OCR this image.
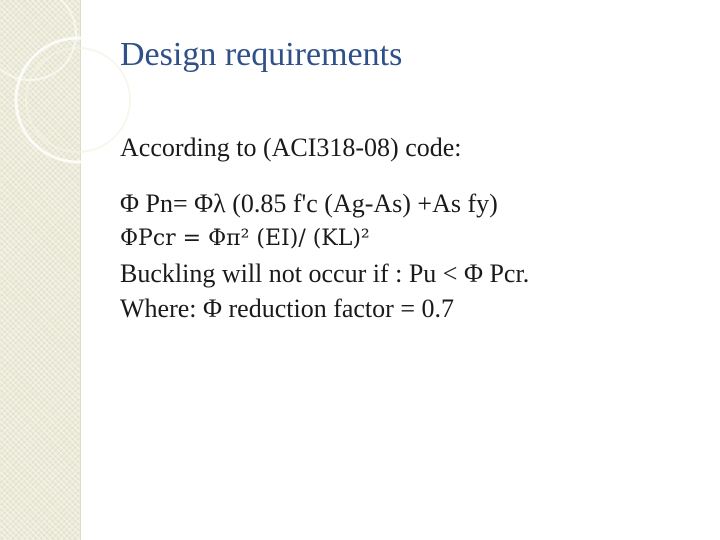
Design requirements

According to (ACI318-08) code:

Φ Pn= Φλ (0.85 f'c (Ag-As) +As fy)

ΦPcr = Φπ² (EI)/ (KL)²

Buckling will not occur if : Pu < Φ Pcr.

Where: Φ reduction factor = 0.7
